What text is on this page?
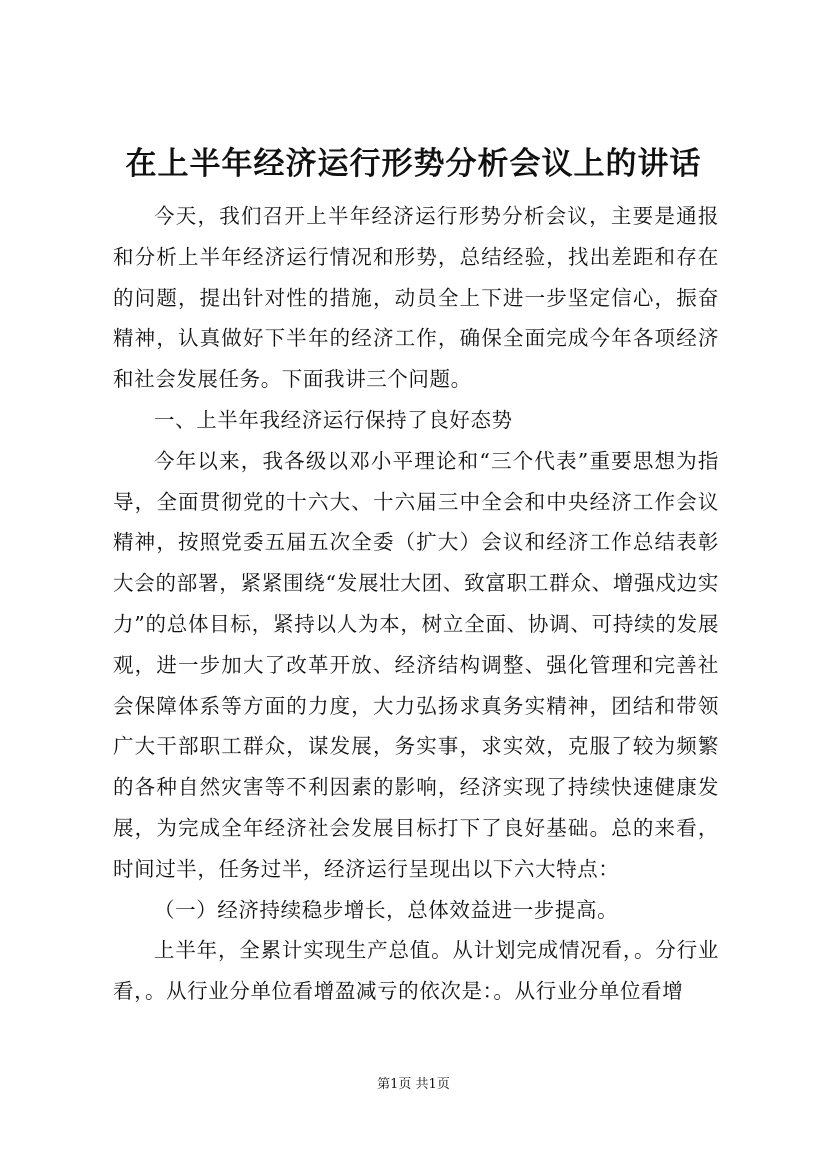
在上半年经济运行形势分析会议上的讲话

今天，我们召开上半年经济运行形势分析会议，主要是通报和分析上半年经济运行情况和形势，总结经验，找出差距和存在的问题，提出针对性的措施，动员全上下进一步坚定信心，振奋精神，认真做好下半年的经济工作，确保全面完成今年各项经济和社会发展任务。下面我讲三个问题。

一、上半年我经济运行保持了良好态势

今年以来，我各级以邓小平理论和“三个代表”重要思想为指导，全面贯彻党的十六大、十六届三中全会和中央经济工作会议精神，按照党委五届五次全委（扩大）会议和经济工作总结表彰大会的部署，紧紧围绕“发展壮大团、致富职工群众、增强戍边实力”的总体目标，紧持以人为本，树立全面、协调、可持续的发展观，进一步加大了改革开放、经济结构调整、强化管理和完善社会保障体系等方面的力度，大力弘扬求真务实精神，团结和带领广大干部职工群众，谋发展，务实事，求实效，克服了较为频繁的各种自然灾害等不利因素的影响，经济实现了持续快速健康发展，为完成全年经济社会发展目标打下了良好基础。总的来看，时间过半，任务过半，经济运行呈现出以下六大特点：

（一）经济持续稳步增长，总体效益进一步提高。

上半年，全累计实现生产总值。从计划完成情况看，。分行业看，。从行业分单位看增盈减亏的依次是：。从行业分单位看增

第1页 共1页
